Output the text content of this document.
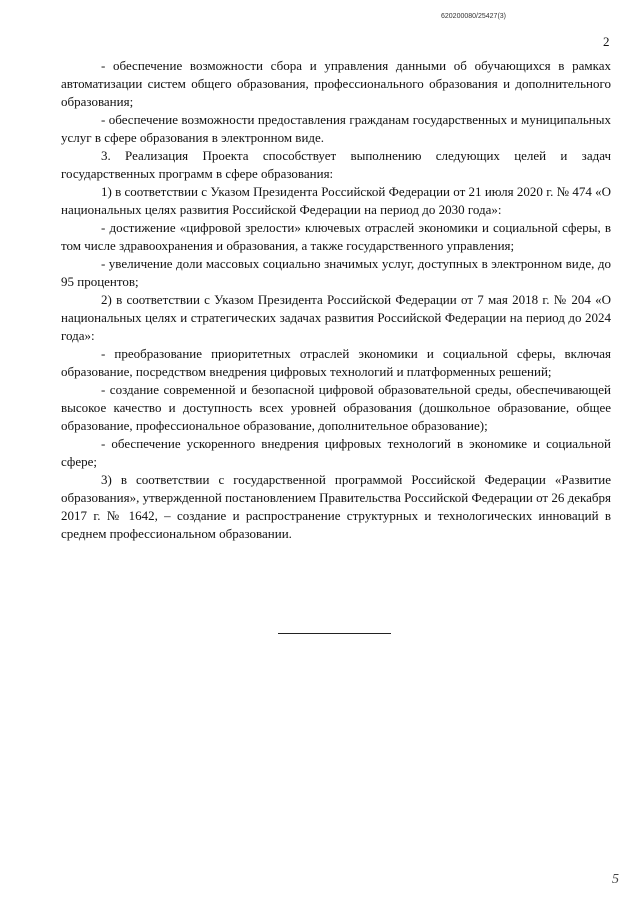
620200080/25427(3)
2

- обеспечение возможности сбора и управления данными об обучающихся в рамках автоматизации систем общего образования, профессионального образования и дополнительного образования;

- обеспечение возможности предоставления гражданам государственных и муниципальных услуг в сфере образования в электронном виде.

3. Реализация Проекта способствует выполнению следующих целей и задач государственных программ в сфере образования:

1) в соответствии с Указом Президента Российской Федерации от 21 июля 2020 г. № 474 «О национальных целях развития Российской Федерации на период до 2030 года»:

- достижение «цифровой зрелости» ключевых отраслей экономики и социальной сферы, в том числе здравоохранения и образования, а также государственного управления;

- увеличение доли массовых социально значимых услуг, доступных в электронном виде, до 95 процентов;

2) в соответствии с Указом Президента Российской Федерации от 7 мая 2018 г. № 204 «О национальных целях и стратегических задачах развития Российской Федерации на период до 2024 года»:

- преобразование приоритетных отраслей экономики и социальной сферы, включая образование, посредством внедрения цифровых технологий и платформенных решений;

- создание современной и безопасной цифровой образовательной среды, обеспечивающей высокое качество и доступность всех уровней образования (дошкольное образование, общее образование, профессиональное образование, дополнительное образование);

- обеспечение ускоренного внедрения цифровых технологий в экономике и социальной сфере;

3) в соответствии с государственной программой Российской Федерации «Развитие образования», утвержденной постановлением Правительства Российской Федерации от 26 декабря 2017 г. № 1642, – создание и распространение структурных и технологических инноваций в среднем профессиональном образовании.

5
